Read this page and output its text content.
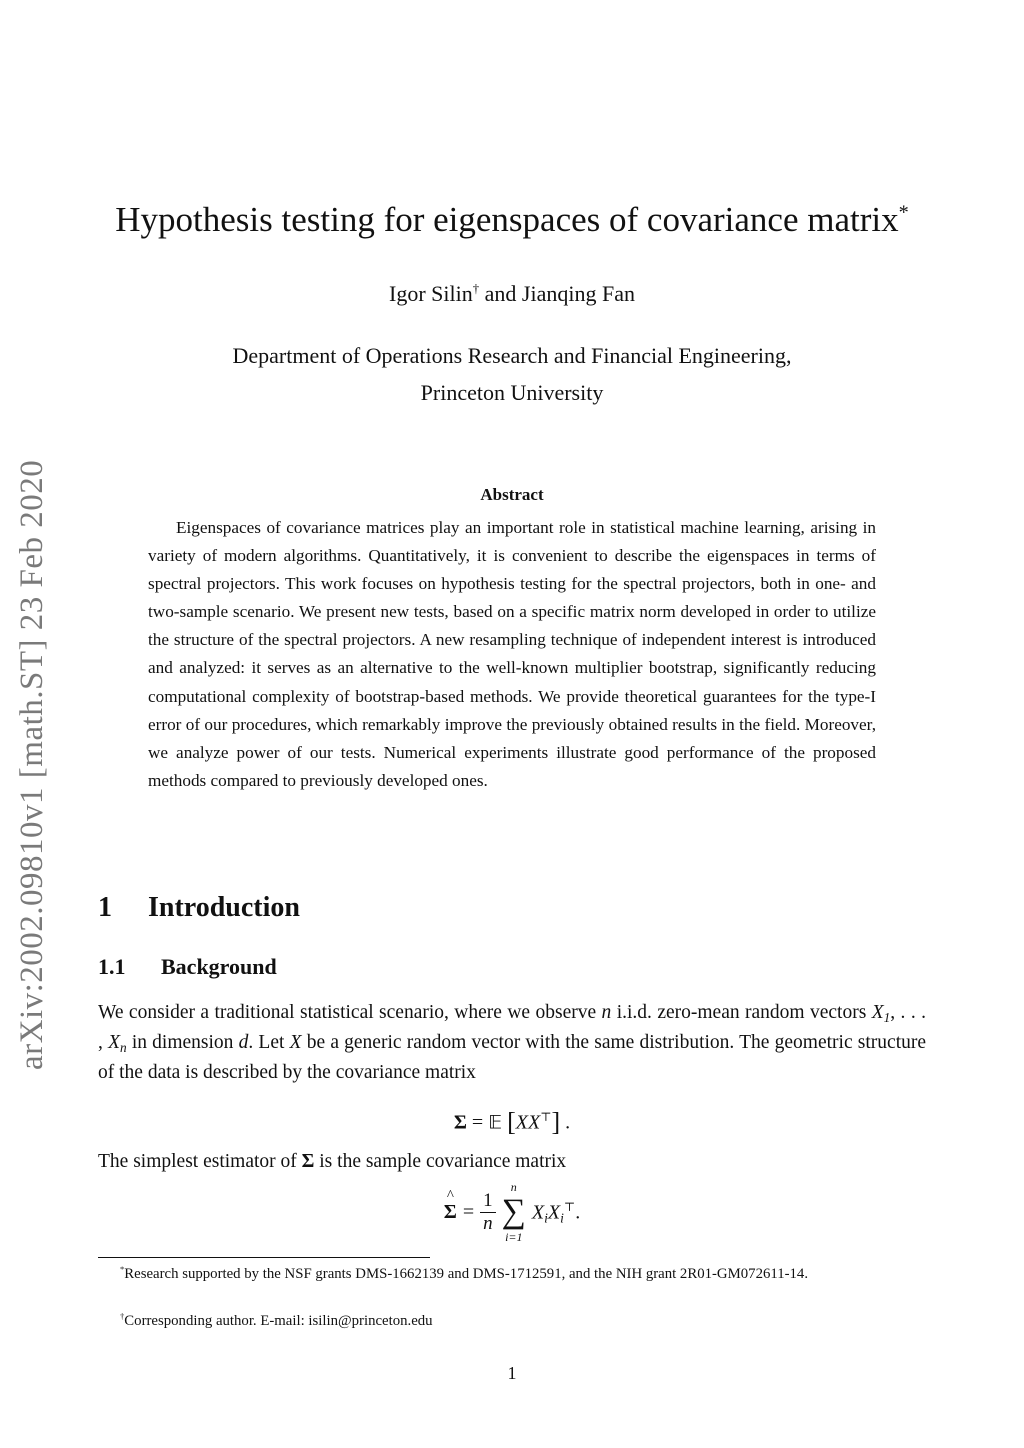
arXiv:2002.09810v1 [math.ST] 23 Feb 2020
Hypothesis testing for eigenspaces of covariance matrix*
Igor Silin† and Jianqing Fan
Department of Operations Research and Financial Engineering,
Princeton University
Abstract
Eigenspaces of covariance matrices play an important role in statistical machine learning, arising in variety of modern algorithms. Quantitatively, it is convenient to describe the eigenspaces in terms of spectral projectors. This work focuses on hypothesis testing for the spectral projectors, both in one- and two-sample scenario. We present new tests, based on a specific matrix norm developed in order to utilize the structure of the spectral projectors. A new resampling technique of independent interest is introduced and analyzed: it serves as an alternative to the well-known multiplier bootstrap, significantly reducing computational complexity of bootstrap-based methods. We provide theoretical guarantees for the type-I error of our procedures, which remarkably improve the previously obtained results in the field. Moreover, we analyze power of our tests. Numerical experiments illustrate good performance of the proposed methods compared to previously developed ones.
1 Introduction
1.1 Background
We consider a traditional statistical scenario, where we observe n i.i.d. zero-mean random vectors $X_1$, . . . , $X_n$ in dimension d. Let X be a generic random vector with the same distribution. The geometric structure of the data is described by the covariance matrix
Σ = 𝔼 [XX⊤] .
The simplest estimator of Σ is the sample covariance matrix
^
$\Sigma = \frac{1}{n}$
n
∑
i=1
$X_iX_i^⊤$.
*Research supported by the NSF grants DMS-1662139 and DMS-1712591, and the NIH grant 2R01-GM072611-14.
†Corresponding author. E-mail: isilin@princeton.edu
1
